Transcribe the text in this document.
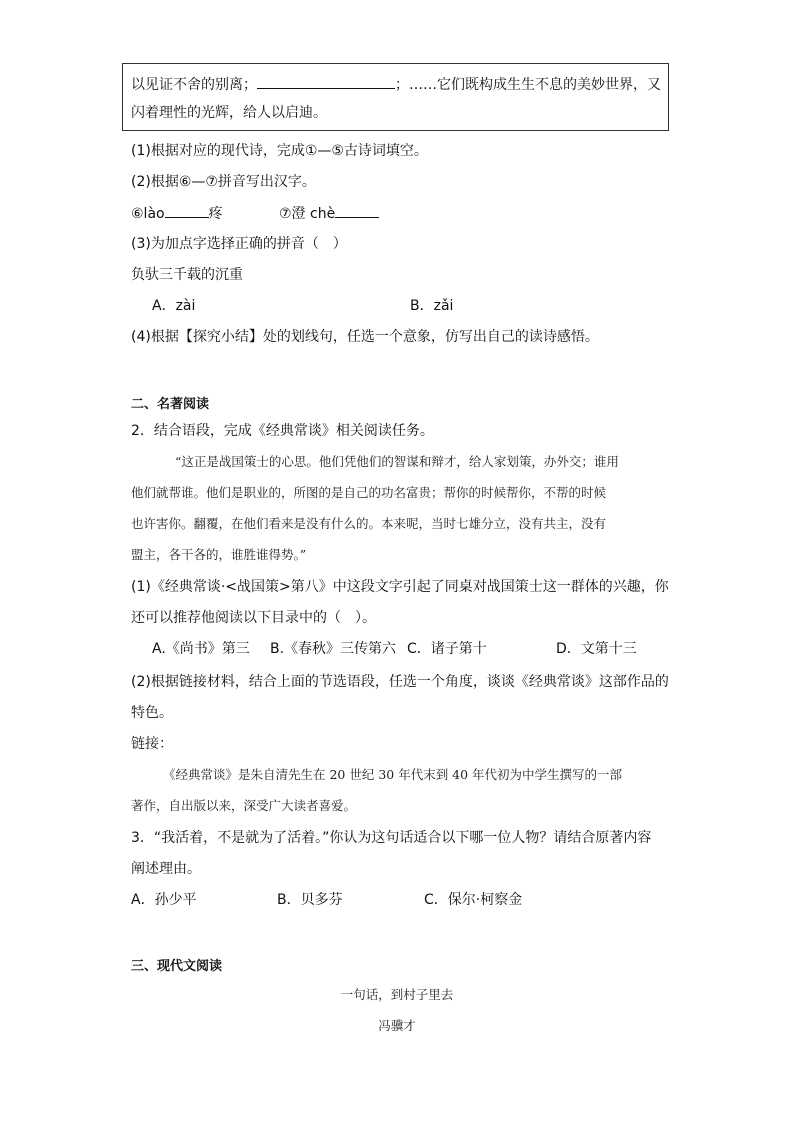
以见证不舍的别离；	；……它们既构成生生不息的美妙世界，又
闪着理性的光辉，给人以启迪。
(1)根据对应的现代诗，完成①—⑤古诗词填空。
(2)根据⑥—⑦拼音写出汉字。
⑥lào	疼	⑦澄 chè
(3)为加点字选择正确的拼音（　）
负驮三千载的沉重
A．zài	B．zǎi
(4)根据【探究小结】处的划线句，任选一个意象，仿写出自己的读诗感悟。
二、名著阅读
2．结合语段，完成《经典常谈》相关阅读任务。
“这正是战国策士的心思。他们凭他们的智谋和辩才，给人家划策，办外交；谁用
他们就帮谁。他们是职业的，所图的是自己的功名富贵；帮你的时候帮你，不帮的时候
也许害你。翻覆，在他们看来是没有什么的。本来呢，当时七雄分立，没有共主，没有
盟主，各干各的，谁胜谁得势。”
(1)《经典常谈·<战国策>第八》中这段文字引起了同桌对战国策士这一群体的兴趣，你
还可以推荐他阅读以下目录中的（　）。
A.《尚书》第三 B.《春秋》三传第六 C．诸子第十	D．文第十三
(2)根据链接材料，结合上面的节选语段，任选一个角度，谈谈《经典常谈》这部作品的
特色。
链接：
《经典常谈》是朱自清先生在 20 世纪 30 年代末到 40 年代初为中学生撰写的一部
著作，自出版以来，深受广大读者喜爱。
3．“我活着，不是就为了活着。”你认为这句话适合以下哪一位人物？请结合原著内容
阐述理由。
A．孙少平	B．贝多芬	C．保尔·柯察金
三、现代文阅读
一句话，到村子里去
冯骥才
